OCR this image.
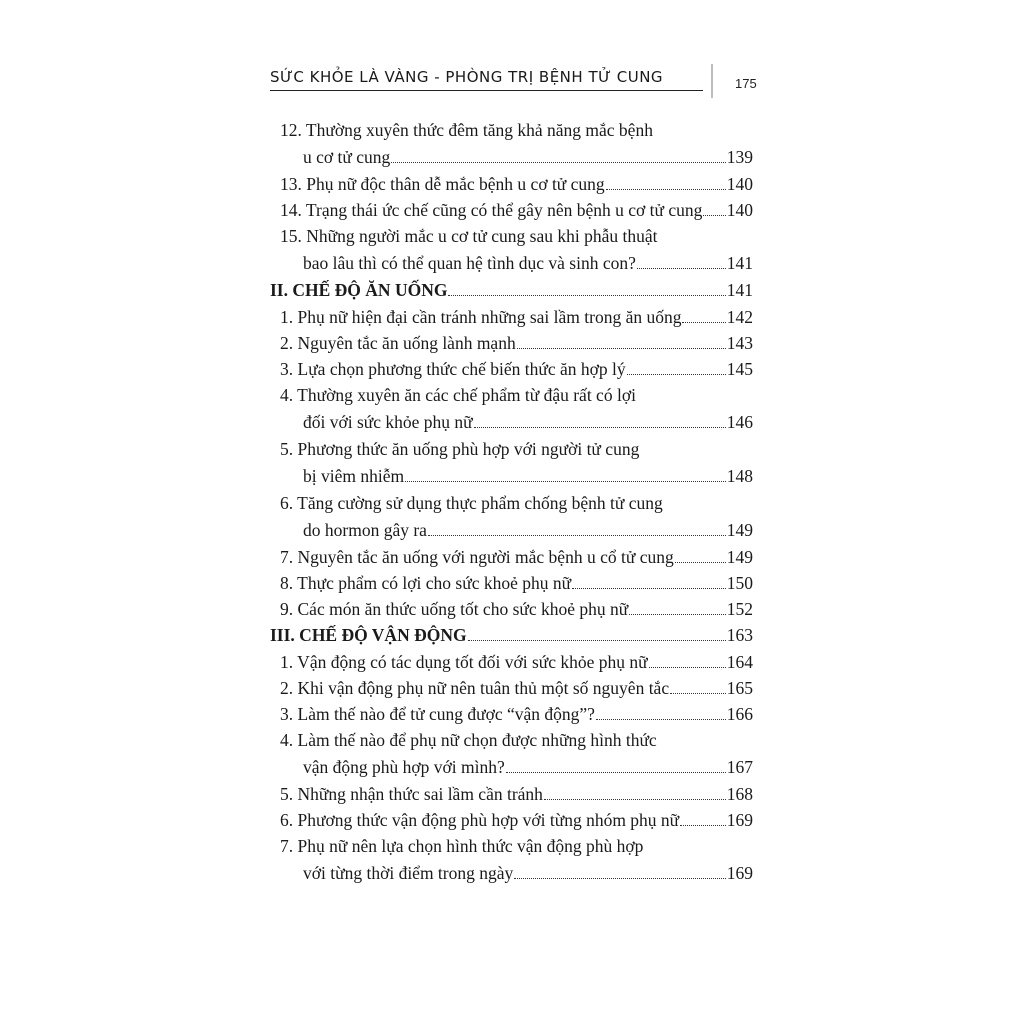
SỨC KHỎE LÀ VÀNG - PHÒNG TRỊ BỆNH TỬ CUNG	175
12. Thường xuyên thức đêm tăng khả năng mắc bệnh
u cơ tử cung	139
13. Phụ nữ độc thân dễ mắc bệnh u cơ tử cung	140
14. Trạng thái ức chế cũng có thể gây nên bệnh u cơ tử cung 140
15. Những người mắc u cơ tử cung sau khi phẫu thuật
bao lâu thì có thể quan hệ tình dục và sinh con?	141
II. CHẾ ĐỘ ĂN UỐNG	141
1. Phụ nữ hiện đại cần tránh những sai lầm trong ăn uống	142
2. Nguyên tắc ăn uống lành mạnh	143
3. Lựa chọn phương thức chế biến thức ăn hợp lý	145
4. Thường xuyên ăn các chế phẩm từ đậu rất có lợi
đối với sức khỏe phụ nữ	146
5. Phương thức ăn uống phù hợp với người tử cung
bị viêm nhiễm	148
6. Tăng cường sử dụng thực phẩm chống bệnh tử cung
do hormon gây ra	149
7. Nguyên tắc ăn uống với người mắc bệnh u cổ tử cung	149
8. Thực phẩm có lợi cho sức khoẻ phụ nữ	150
9. Các món ăn thức uống tốt cho sức khoẻ phụ nữ	152
III. CHẾ ĐỘ VẬN ĐỘNG	163
1. Vận động có tác dụng tốt đối với sức khỏe phụ nữ	164
2. Khi vận động phụ nữ nên tuân thủ một số nguyên tắc	165
3. Làm thế nào để tử cung được “vận động”?	166
4. Làm thế nào để phụ nữ chọn được những hình thức
vận động phù hợp với mình?	167
5. Những nhận thức sai lầm cần tránh	168
6. Phương thức vận động phù hợp với từng nhóm phụ nữ	169
7. Phụ nữ nên lựa chọn hình thức vận động phù hợp
với từng thời điểm trong ngày	169
